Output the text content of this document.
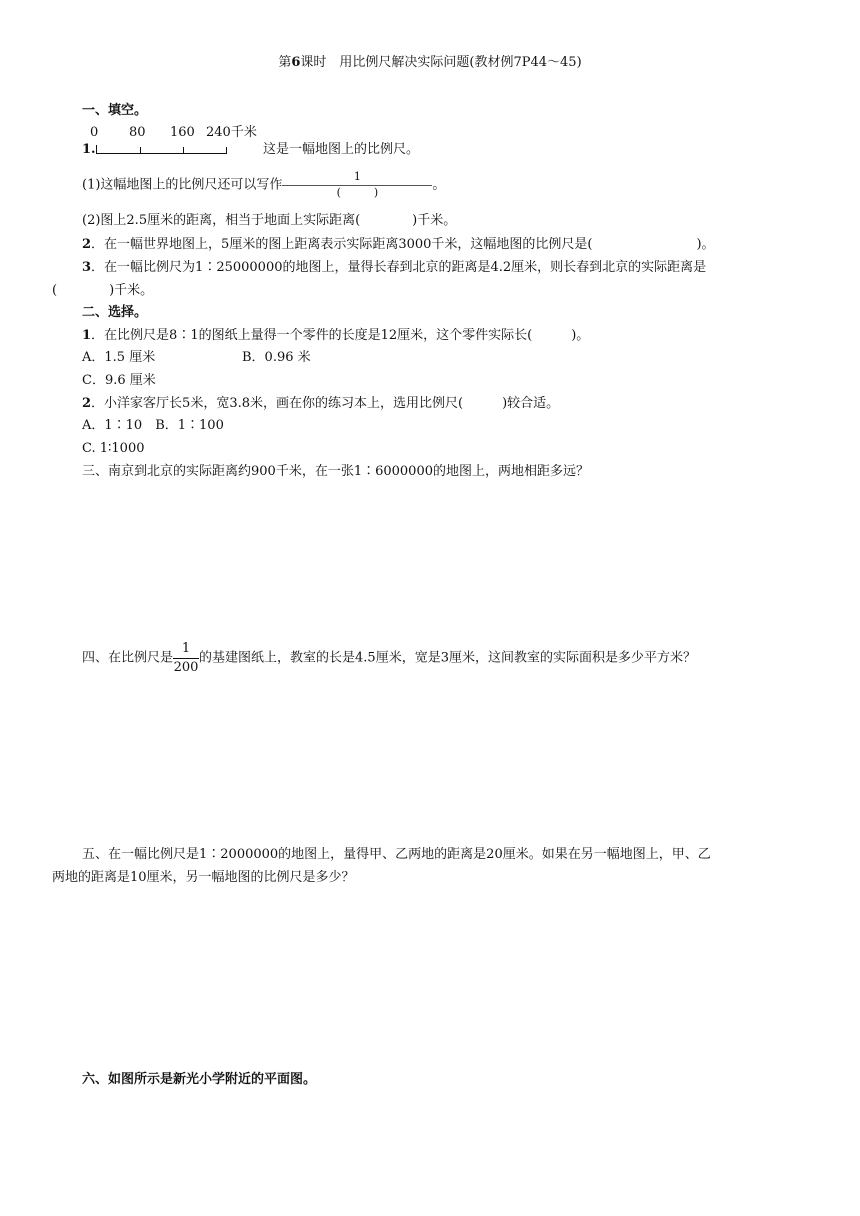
第6课时　用比例尺解决实际问题(教材例7P44～45)
一、填空。
0 80 160 240千米
1.	这是一幅地图上的比例尺。
(1)这幅地图上的比例尺还可以写作 $\frac{1}{( )}$ 。
(2)图上2.5厘米的距离，相当于地面上实际距离(　　　　)千米。
2．在一幅世界地图上，5厘米的图上距离表示实际距离3000千米，这幅地图的比例尺是(　　　　　　　　)。
3．在一幅比例尺为1∶25000000的地图上，量得长春到北京的距离是4.2厘米，则长春到北京的实际距离是
(　　　　)千米。
二、选择。
1．在比例尺是8∶1的图纸上量得一个零件的长度是12厘米，这个零件实际长(　　　)。
A．1.5 厘米	B．0.96 米
C．9.6 厘米
2．小洋家客厅长5米，宽3.8米，画在你的练习本上，选用比例尺(　　　)较合适。
A．1∶10　B．1∶100
C. 1∶1000
三、南京到北京的实际距离约900千米，在一张1∶6000000的地图上，两地相距多远？
四、在比例尺是 $\frac{1}{200}$ 的基建图纸上，教室的长是4.5厘米，宽是3厘米，这间教室的实际面积是多少平方米？
五、在一幅比例尺是1∶2000000的地图上，量得甲、乙两地的距离是20厘米。如果在另一幅地图上，甲、乙
两地的距离是10厘米，另一幅地图的比例尺是多少？
六、如图所示是新光小学附近的平面图。
